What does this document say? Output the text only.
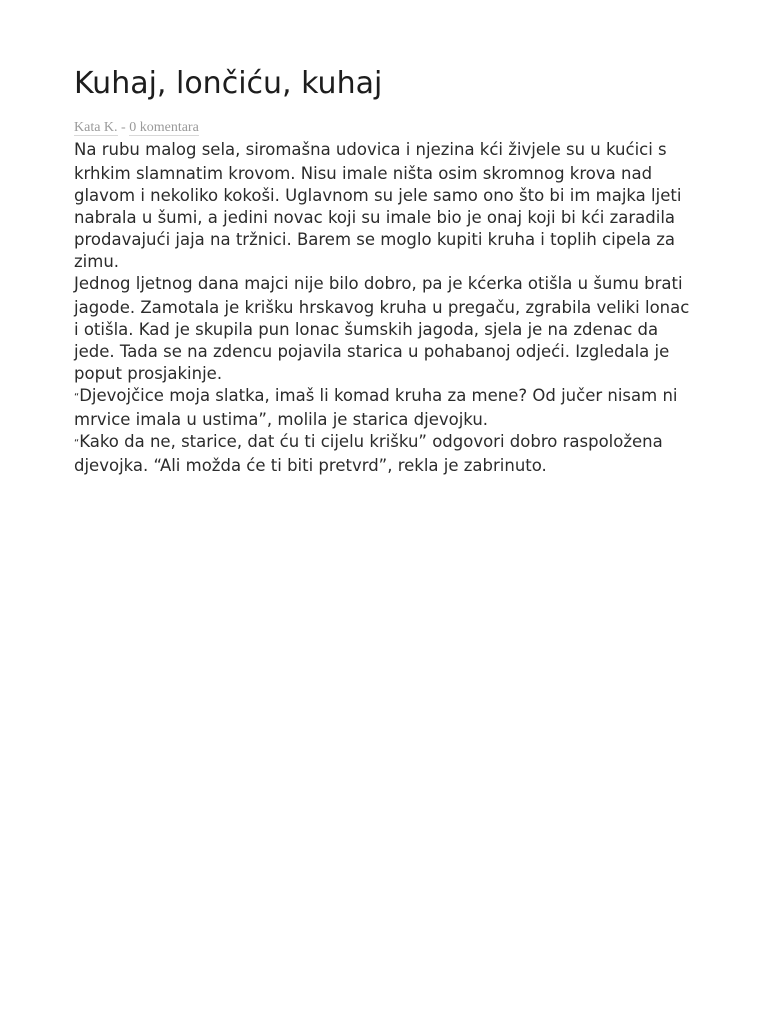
Kuhaj, lončiću, kuhaj
Kata K. - 0 komentara

Na rubu malog sela, siromašna udovica i njezina kći živjele su u kućici s krhkim slamnatim krovom. Nisu imale ništa osim skromnog krova nad glavom i nekoliko kokoši. Uglavnom su jele samo ono što bi im majka ljeti nabrala u šumi, a jedini novac koji su imale bio je onaj koji bi kći zaradila prodavajući jaja na tržnici. Barem se moglo kupiti kruha i toplih cipela za zimu.

Jednog ljetnog dana majci nije bilo dobro, pa je kćerka otišla u šumu brati jagode. Zamotala je krišku hrskavog kruha u pregaču, zgrabila veliki lonac i otišla. Kad je skupila pun lonac šumskih jagoda, sjela je na zdenac da jede. Tada se na zdencu pojavila starica u pohabanoj odjeći. Izgledala je poput prosjakinje.

“Djevojčice moja slatka, imaš li komad kruha za mene? Od jučer nisam ni mrvice imala u ustima”, molila je starica djevojku.

“Kako da ne, starice, dat ću ti cijelu krišku” odgovori dobro raspoložena djevojka. “Ali možda će ti biti pretvrd”, rekla je zabrinuto.
